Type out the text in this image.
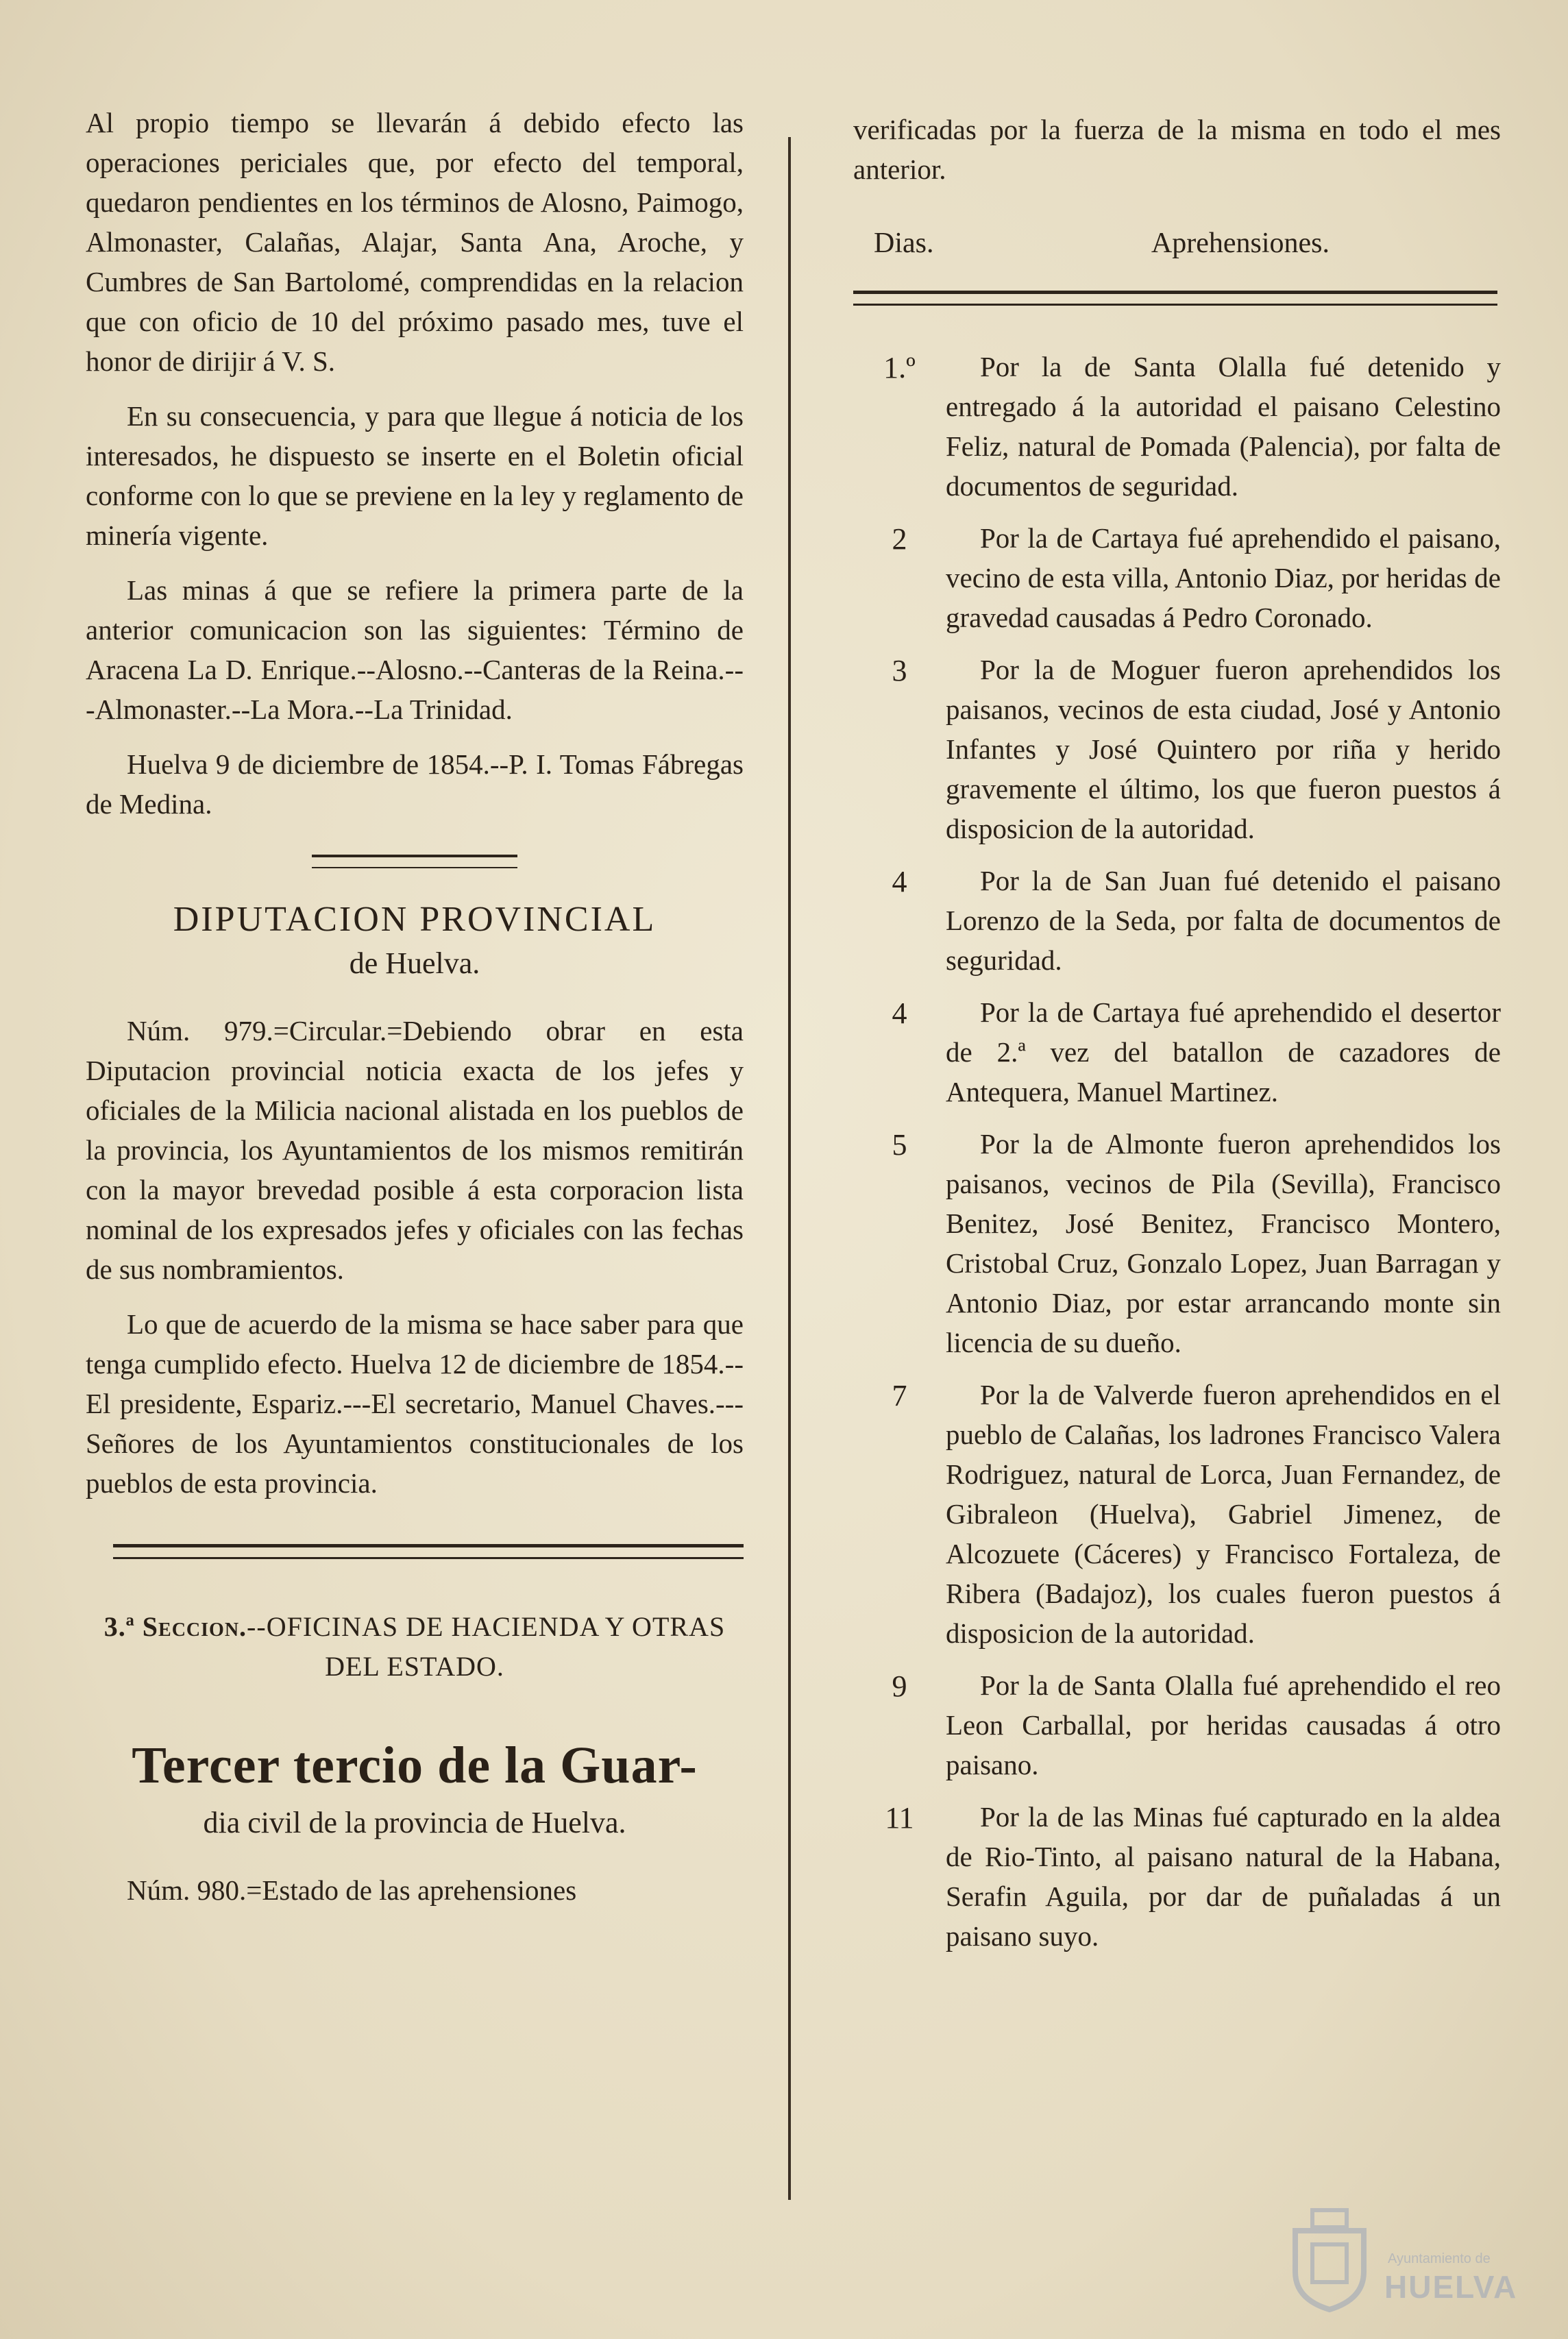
Al propio tiempo se llevarán á debido efecto las operaciones periciales que, por efecto del temporal, quedaron pendientes en los términos de Alosno, Paimogo, Almonaster, Calañas, Alajar, Santa Ana, Aroche, y Cumbres de San Bartolomé, comprendidas en la relacion que con oficio de 10 del próximo pasado mes, tuve el honor de dirijir á V. S.

En su consecuencia, y para que llegue á noticia de los interesados, he dispuesto se inserte en el Boletin oficial conforme con lo que se previene en la ley y reglamento de minería vigente.

Las minas á que se refiere la primera parte de la anterior comunicacion son las siguientes: Término de Aracena La D. Enrique.--Alosno.--Canteras de la Reina.---Almonaster.--La Mora.--La Trinidad.

Huelva 9 de diciembre de 1854.--P. I. Tomas Fábregas de Medina.

DIPUTACION PROVINCIAL

de Huelva.

Núm. 979.=Circular.=Debiendo obrar en esta Diputacion provincial noticia exacta de los jefes y oficiales de la Milicia nacional alistada en los pueblos de la provincia, los Ayuntamientos de los mismos remitirán con la mayor brevedad posible á esta corporacion lista nominal de los expresados jefes y oficiales con las fechas de sus nombramientos.

Lo que de acuerdo de la misma se hace saber para que tenga cumplido efecto. Huelva 12 de diciembre de 1854.--El presidente, Espariz.---El secretario, Manuel Chaves.---Señores de los Ayuntamientos constitucionales de los pueblos de esta provincia.

3.ª Seccion.--OFICINAS DE HACIENDA Y OTRAS DEL ESTADO.

Tercer tercio de la Guar-

dia civil de la provincia de Huelva.

Núm. 980.=Estado de las aprehensiones

verificadas por la fuerza de la misma en todo el mes anterior.

Dias.	Aprehensiones.
1.º	Por la de Santa Olalla fué detenido y entregado á la autoridad el paisano Celestino Feliz, natural de Pomada (Palencia), por falta de documentos de seguridad.

2	Por la de Cartaya fué aprehendido el paisano, vecino de esta villa, Antonio Diaz, por heridas de gravedad causadas á Pedro Coronado.

3	Por la de Moguer fueron aprehendidos los paisanos, vecinos de esta ciudad, José y Antonio Infantes y José Quintero por riña y herido gravemente el último, los que fueron puestos á disposicion de la autoridad.

4	Por la de San Juan fué detenido el paisano Lorenzo de la Seda, por falta de documentos de seguridad.

4	Por la de Cartaya fué aprehendido el desertor de 2.ª vez del batallon de cazadores de Antequera, Manuel Martinez.

5	Por la de Almonte fueron aprehendidos los paisanos, vecinos de Pila (Sevilla), Francisco Benitez, José Benitez, Francisco Montero, Cristobal Cruz, Gonzalo Lopez, Juan Barragan y Antonio Diaz, por estar arrancando monte sin licencia de su dueño.

7	Por la de Valverde fueron aprehendidos en el pueblo de Calañas, los ladrones Francisco Valera Rodriguez, natural de Lorca, Juan Fernandez, de Gibraleon (Huelva), Gabriel Jimenez, de Alcozuete (Cáceres) y Francisco Fortaleza, de Ribera (Badajoz), los cuales fueron puestos á disposicion de la autoridad.

9	Por la de Santa Olalla fué aprehendido el reo Leon Carballal, por heridas causadas á otro paisano.

11	Por la de las Minas fué capturado en la aldea de Rio-Tinto, al paisano natural de la Habana, Serafin Aguila, por dar de puñaladas á un paisano suyo.

Ayuntamiento de
HUELVA
